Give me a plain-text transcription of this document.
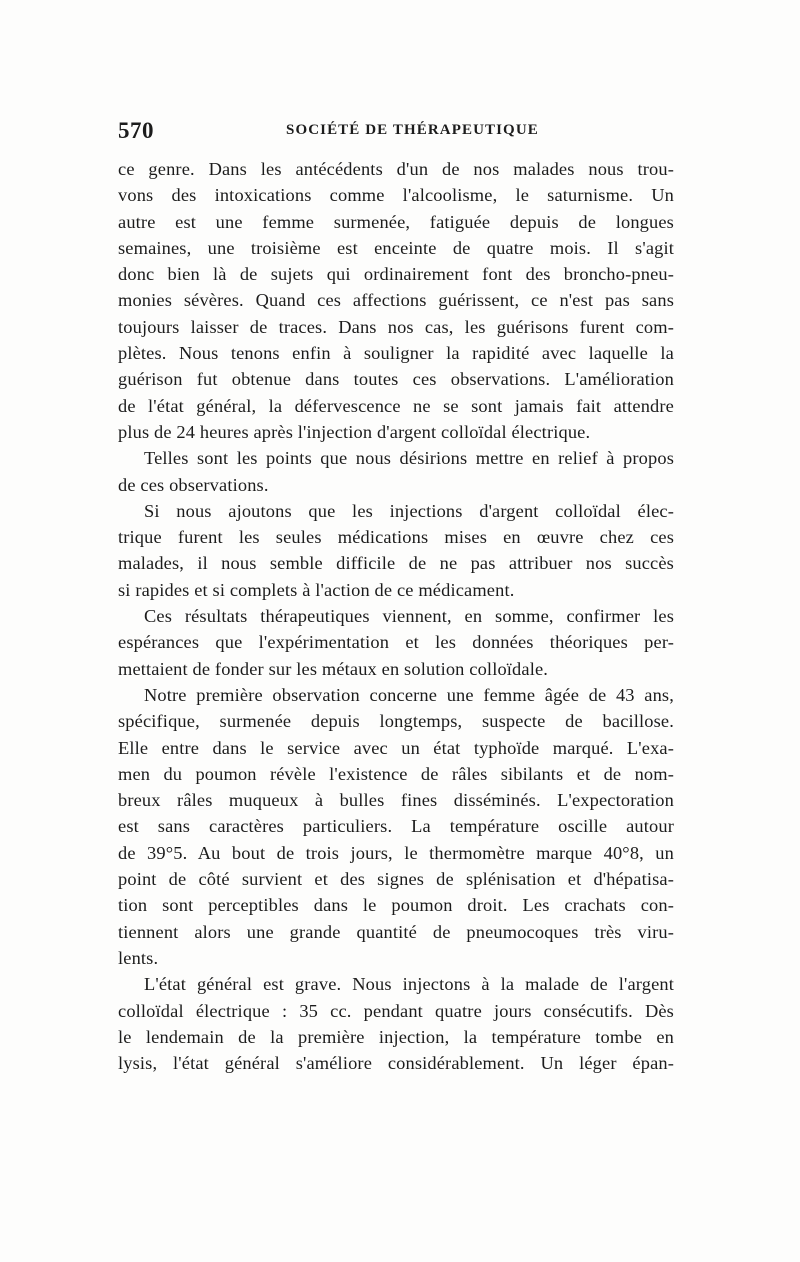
570	SOCIÉTÉ DE THÉRAPEUTIQUE
ce genre. Dans les antécédents d'un de nos malades nous trou-
vons des intoxications comme l'alcoolisme, le saturnisme. Un
autre est une femme surmenée, fatiguée depuis de longues
semaines, une troisième est enceinte de quatre mois. Il s'agit
donc bien là de sujets qui ordinairement font des broncho-pneu-
monies sévères. Quand ces affections guérissent, ce n'est pas sans
toujours laisser de traces. Dans nos cas, les guérisons furent com-
plètes. Nous tenons enfin à souligner la rapidité avec laquelle la
guérison fut obtenue dans toutes ces observations. L'amélioration
de l'état général, la défervescence ne se sont jamais fait attendre
plus de 24 heures après l'injection d'argent colloïdal électrique.
Telles sont les points que nous désirions mettre en relief à propos
de ces observations.
Si nous ajoutons que les injections d'argent colloïdal élec-
trique furent les seules médications mises en œuvre chez ces
malades, il nous semble difficile de ne pas attribuer nos succès
si rapides et si complets à l'action de ce médicament.
Ces résultats thérapeutiques viennent, en somme, confirmer les
espérances que l'expérimentation et les données théoriques per-
mettaient de fonder sur les métaux en solution colloïdale.
Notre première observation concerne une femme âgée de 43 ans,
spécifique, surmenée depuis longtemps, suspecte de bacillose.
Elle entre dans le service avec un état typhoïde marqué. L'exa-
men du poumon révèle l'existence de râles sibilants et de nom-
breux râles muqueux à bulles fines disséminés. L'expectoration
est sans caractères particuliers. La température oscille autour
de 39°5. Au bout de trois jours, le thermomètre marque 40°8, un
point de côté survient et des signes de splénisation et d'hépatisa-
tion sont perceptibles dans le poumon droit. Les crachats con-
tiennent alors une grande quantité de pneumocoques très viru-
lents.
L'état général est grave. Nous injectons à la malade de l'argent
colloïdal électrique : 35 cc. pendant quatre jours consécutifs. Dès
le lendemain de la première injection, la température tombe en
lysis, l'état général s'améliore considérablement. Un léger épan-
